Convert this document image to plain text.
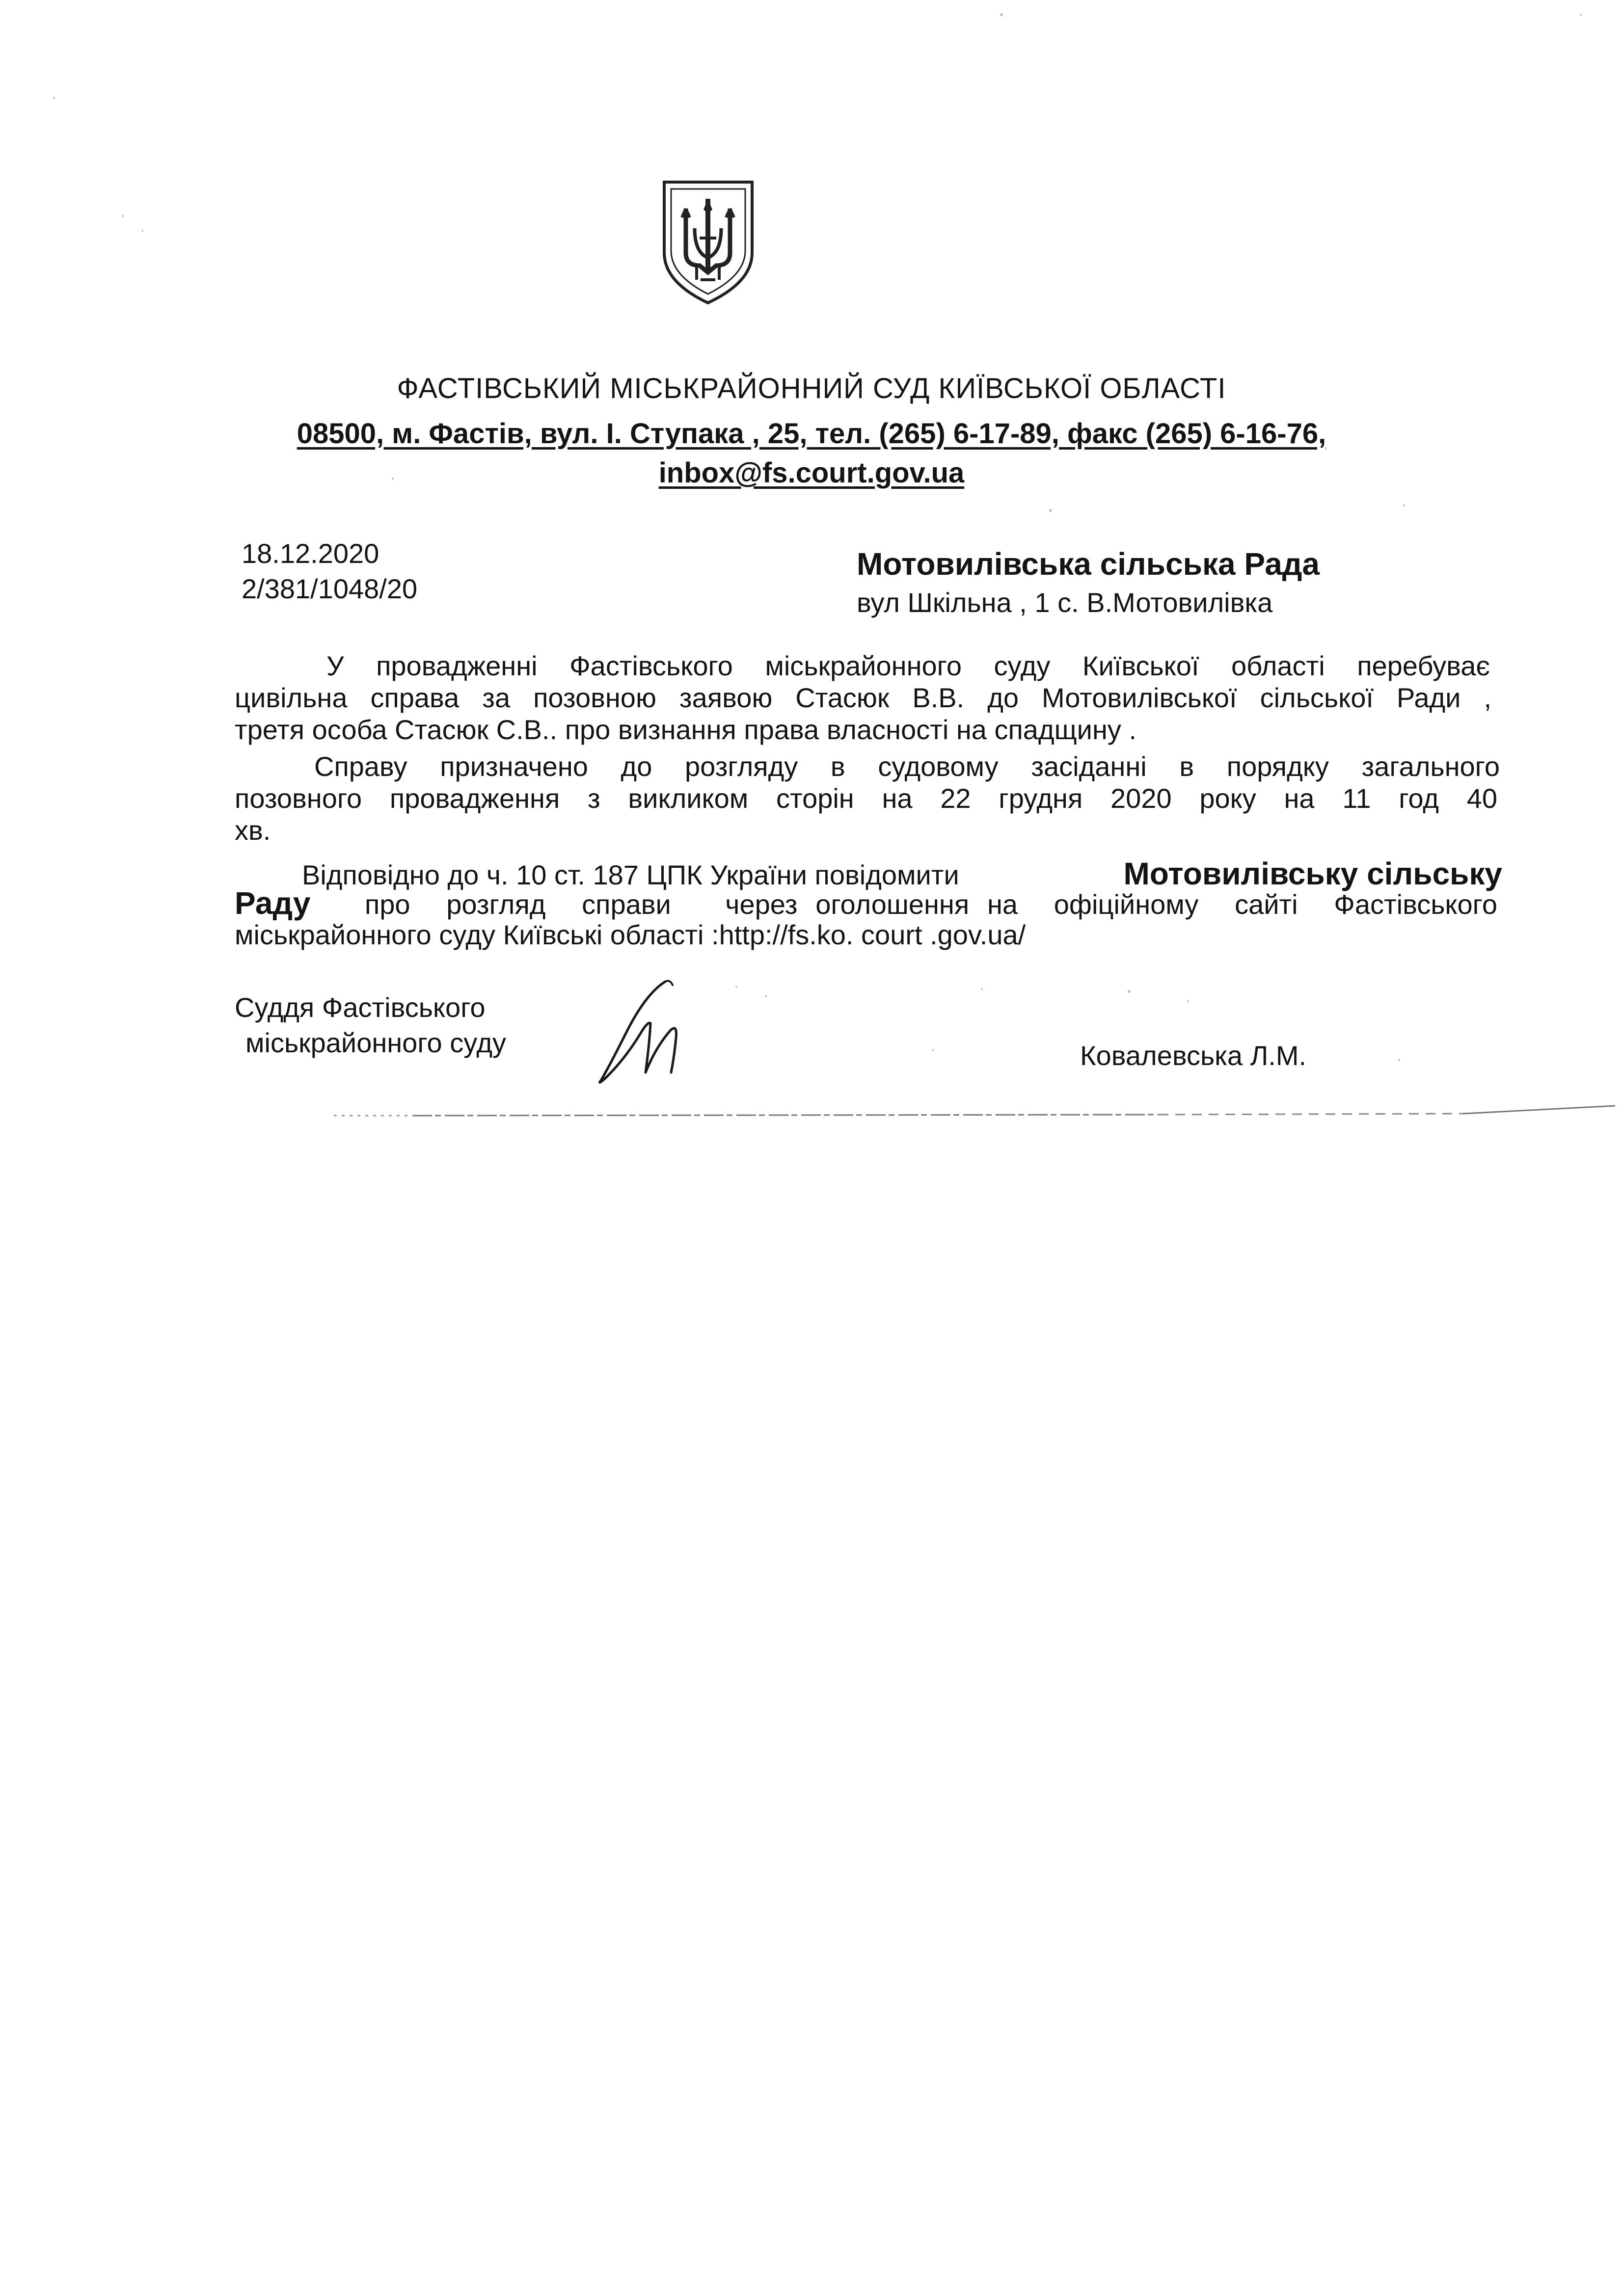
ФАСТІВСЬКИЙ МІСЬКРАЙОННИЙ СУД КИЇВСЬКОЇ ОБЛАСТІ
08500, м. Фастів, вул. І. Ступака , 25, тел. (265) 6-17-89, факс (265) 6-16-76,
inbox@fs.court.gov.ua
18.12.2020
2/381/1048/20
Мотовилівська сільська Рада
вул Шкільна , 1 с. В.Мотовилівка
У провадженні Фастівського міськрайонного суду Київської області перебуває
цивільна справа за позовною заявою Стасюк В.В. до Мотовилівської сільської Ради ,
третя особа Стасюк С.В.. про визнання права власності на спадщину .
Справу призначено до розгляду в судовому засіданні в порядку загального
позовного провадження з викликом сторін на 22 грудня 2020 року на 11 год 40
хв.
Відповідно до ч. 10 ст. 187 ЦПК України повідомити	Мотовилівську сільську
Раду про  розгляд  справи   через оголошення на  офіційному  сайті  Фастівського
міськрайонного суду Київські області :http://fs.ko. court .gov.ua/
Суддя Фастівського
міськрайонного суду	Ковалевська Л.М.
